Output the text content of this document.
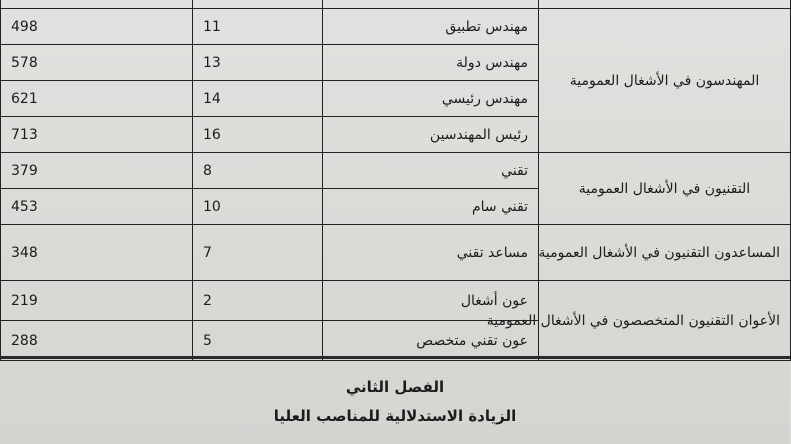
المهندسون في الأشغال العمومية	مهندس تطبيق	11	498
	مهندس دولة	13	578
	مهندس رئيسي	14	621
	رئيس المهندسين	16	713
التقنيون في الأشغال العمومية	تقني	8	379
	تقني سام	10	453
المساعدون التقنيون في الأشغال العمومية	مساعد تقني	7	348
الأعوان التقنيون المتخصصون في الأشغال العمومية	عون أشغال	2	219
	عون تقني متخصص	5	288
الفصل الثاني
الزيادة الاستدلالية للمناصب العليا
